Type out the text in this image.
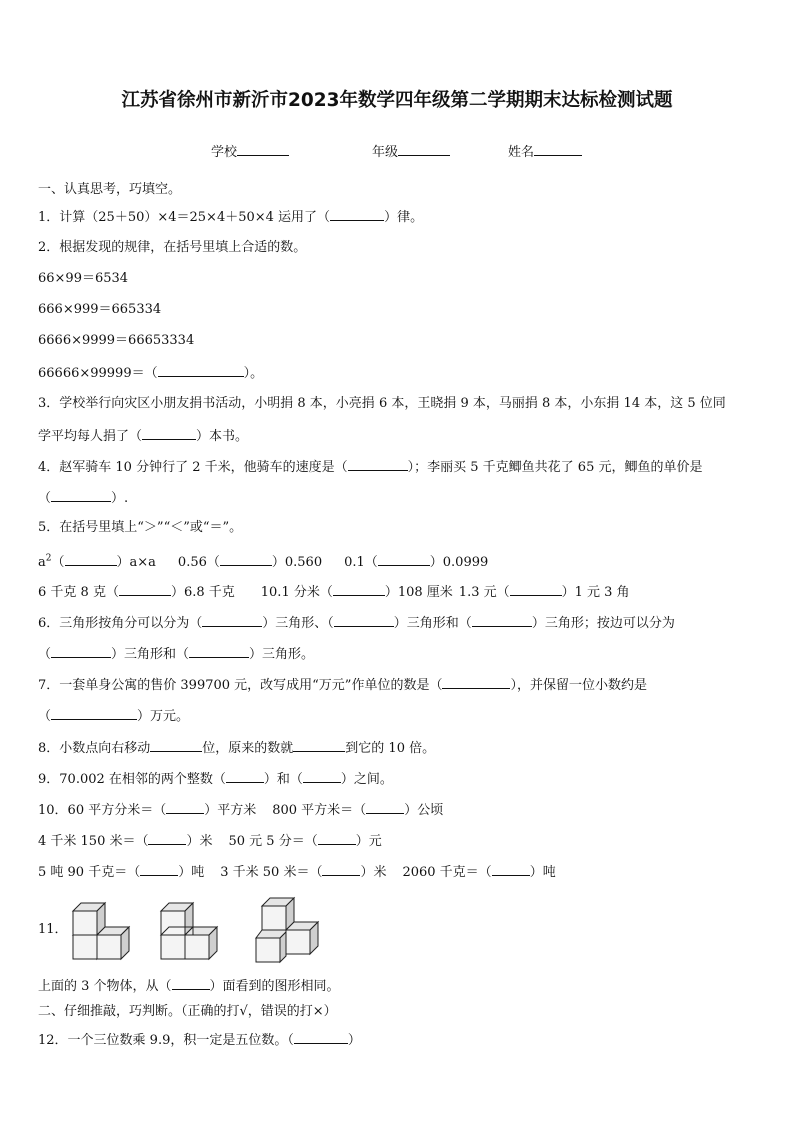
江苏省徐州市新沂市2023年数学四年级第二学期期末达标检测试题
学校	年级	姓名
一、认真思考，巧填空。
1．计算（25＋50）×4＝25×4＋50×4 运用了（	）律。
2．根据发现的规律，在括号里填上合适的数。
66×99＝6534
666×999＝665334
6666×9999＝66653334
66666×99999＝（	）。
3．学校举行向灾区小朋友捐书活动，小明捐 8 本，小亮捐 6 本，王晓捐 9 本，马丽捐 8 本，小东捐 14 本，这 5 位同
学平均每人捐了（	）本书。
4．赵军骑车 10 分钟行了 2 千米，他骑车的速度是（	）；李丽买 5 千克鲫鱼共花了 65 元，鲫鱼的单价是
（	）.
5．在括号里填上“＞”“＜”或“＝”。
$a^2$（	）a×a 0.56（	）0.560 0.1（	）0.0999
6 千克 8 克（	）6.8 千克 10.1 分米（	）108 厘米 1.3 元（	）1 元 3 角
6．三角形按角分可以分为（	）三角形、（	）三角形和（	）三角形；按边可以分为
（	）三角形和（	）三角形。
7．一套单身公寓的售价 399700 元，改写成用“万元”作单位的数是（	），并保留一位小数约是
（	）万元。
8．小数点向右移动	位，原来的数就	到它的 10 倍。
9．70.002 在相邻的两个整数（	）和（	）之间。
10．60 平方分米＝（	）平方米 800 平方米＝（	）公顷
4 千米 150 米＝（	）米 50 元 5 分＝（	）元
5 吨 90 千克＝（	）吨 3 千米 50 米＝（	）米 2060 千克＝（	）吨
11．
上面的 3 个物体，从（	）面看到的图形相同。
二、仔细推敲，巧判断。（正确的打√，错误的打×）
12．一个三位数乘 9.9，积一定是五位数。（	）
